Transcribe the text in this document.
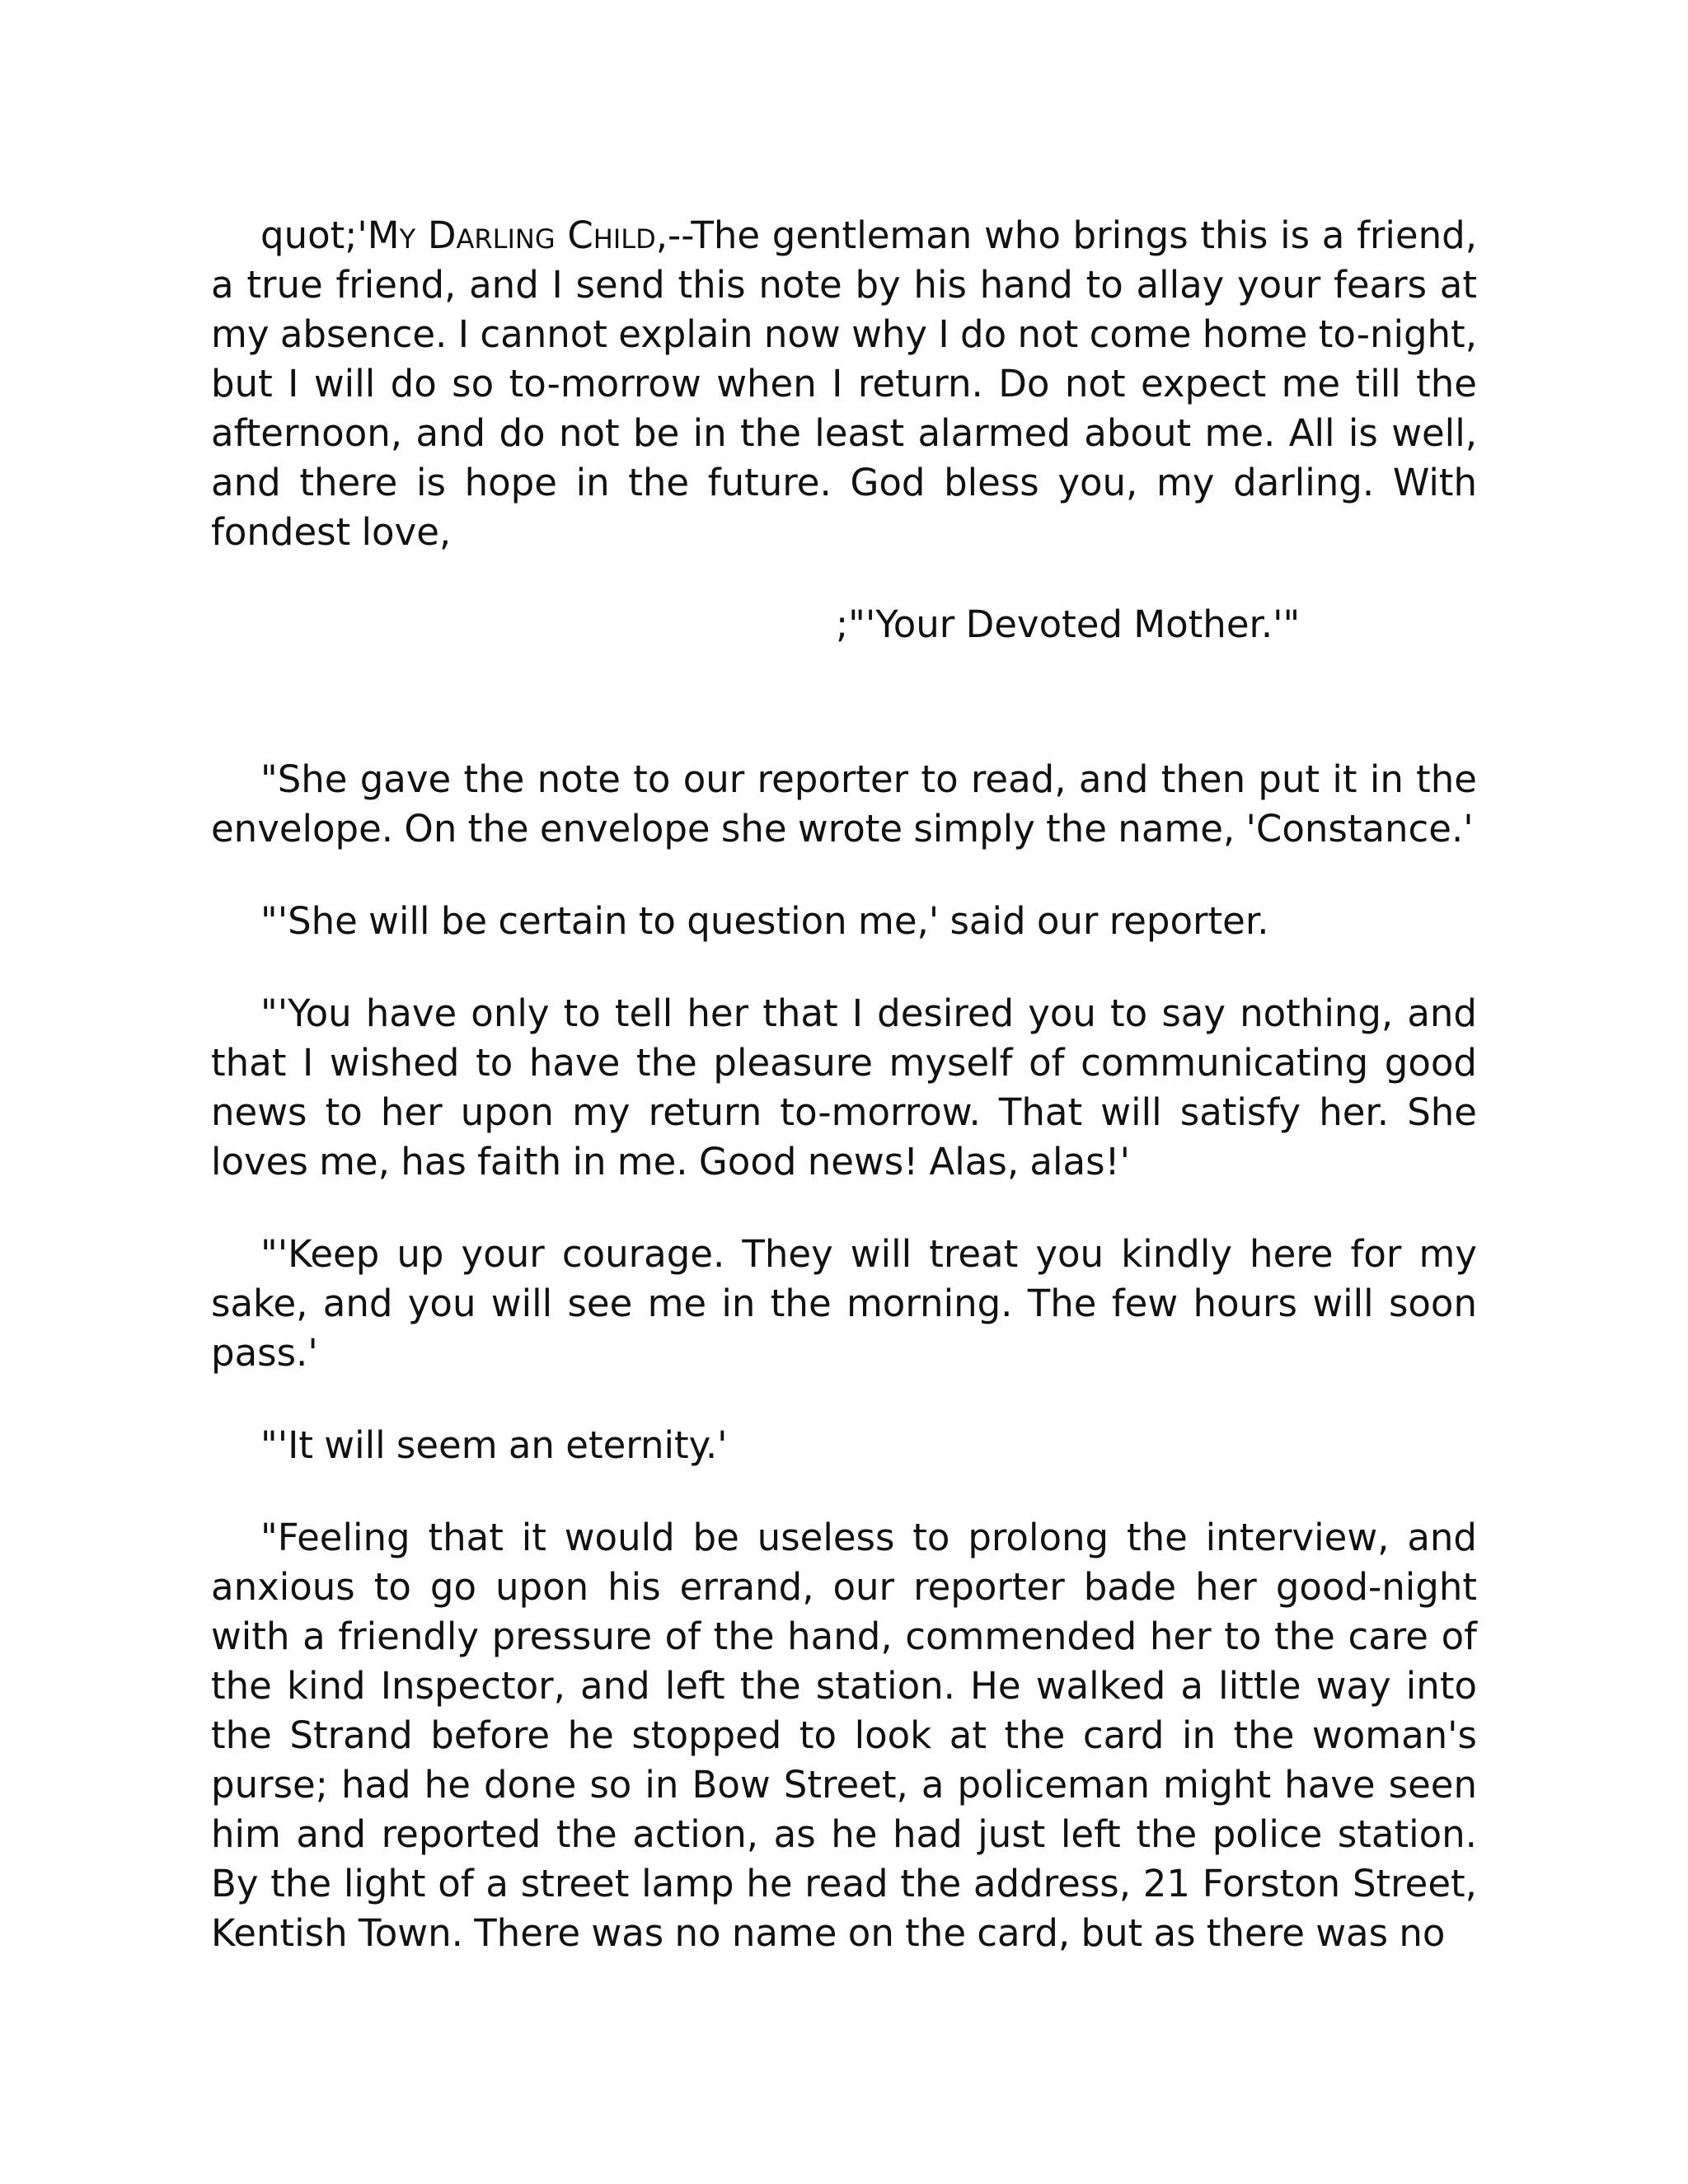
quot;'My Darling Child,--The gentleman who brings this is a friend, a true friend, and I send this note by his hand to allay your fears at my absence. I cannot explain now why I do not come home to-night, but I will do so to-morrow when I return. Do not expect me till the afternoon, and do not be in the least alarmed about me. All is well, and there is hope in the future. God bless you, my darling. With fondest love,

;"'Your Devoted Mother.'"

"She gave the note to our reporter to read, and then put it in the envelope. On the envelope she wrote simply the name, 'Constance.'

"'She will be certain to question me,' said our reporter.

"'You have only to tell her that I desired you to say nothing, and that I wished to have the pleasure myself of communicating good news to her upon my return to-morrow. That will satisfy her. She loves me, has faith in me. Good news! Alas, alas!'

"'Keep up your courage. They will treat you kindly here for my sake, and you will see me in the morning. The few hours will soon pass.'

"'It will seem an eternity.'

"Feeling that it would be useless to prolong the interview, and anxious to go upon his errand, our reporter bade her good-night with a friendly pressure of the hand, commended her to the care of the kind Inspector, and left the station. He walked a little way into the Strand before he stopped to look at the card in the woman's purse; had he done so in Bow Street, a policeman might have seen him and reported the action, as he had just left the police station. By the light of a street lamp he read the address, 21 Forston Street, Kentish Town. There was no name on the card, but as there was no
